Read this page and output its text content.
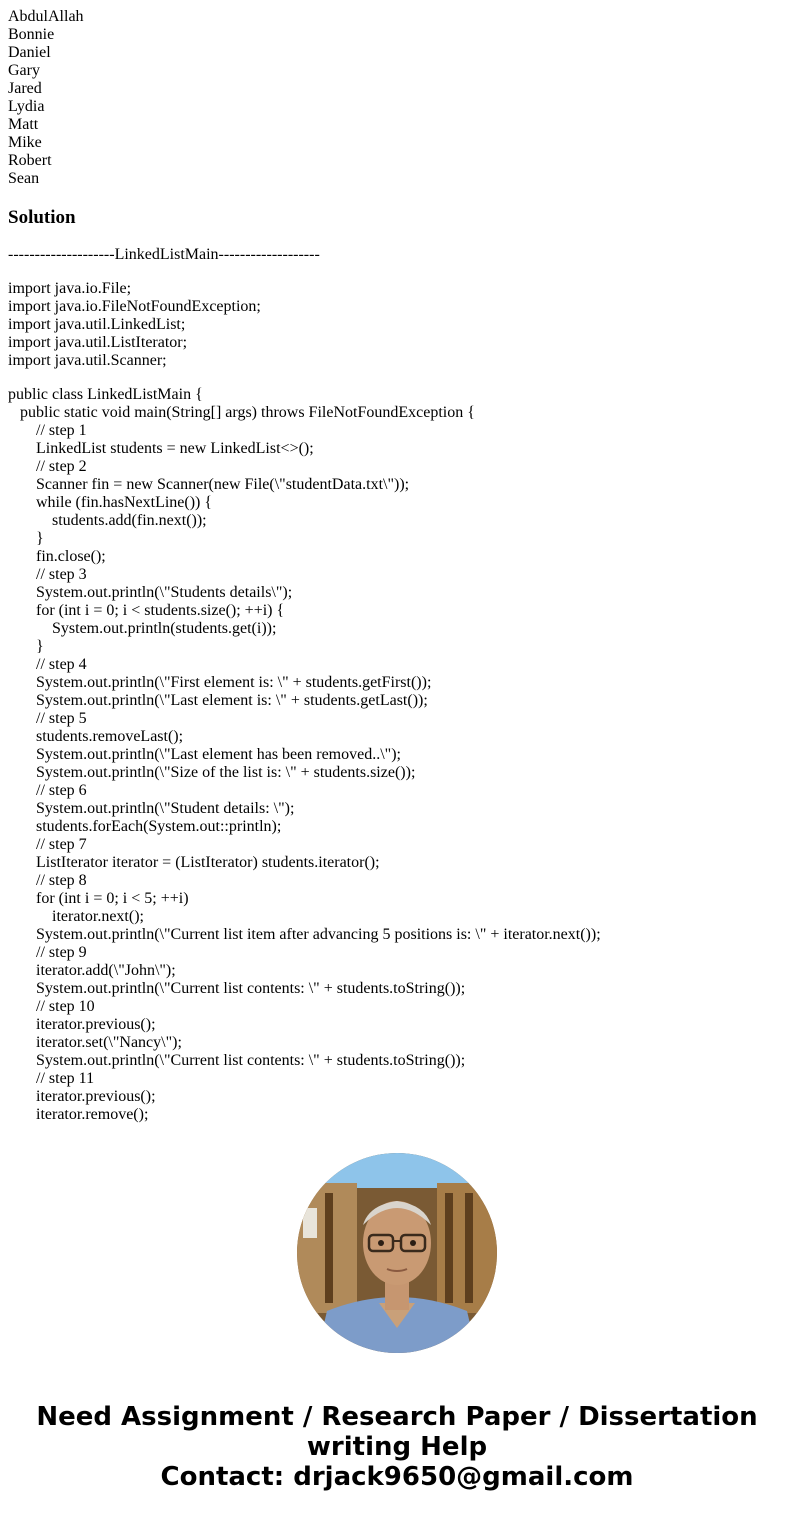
AbdulAllah
Bonnie
Daniel
Gary
Jared
Lydia
Matt
Mike
Robert
Sean
Solution
--------------------LinkedListMain-------------------
import java.io.File;
import java.io.FileNotFoundException;
import java.util.LinkedList;
import java.util.ListIterator;
import java.util.Scanner;
public class LinkedListMain {
public static void main(String[] args) throws FileNotFoundException {
// step 1
LinkedList students = new LinkedList<>();
// step 2
Scanner fin = new Scanner(new File(\"studentData.txt\"));
while (fin.hasNextLine()) {
students.add(fin.next());
}
fin.close();
// step 3
System.out.println(\"Students details\");
for (int i = 0; i < students.size(); ++i) {
System.out.println(students.get(i));
}
// step 4
System.out.println(\"First element is: \" + students.getFirst());
System.out.println(\"Last element is: \" + students.getLast());
// step 5
students.removeLast();
System.out.println(\"Last element has been removed..\");
System.out.println(\"Size of the list is: \" + students.size());
// step 6
System.out.println(\"Student details: \");
students.forEach(System.out::println);
// step 7
ListIterator iterator = (ListIterator) students.iterator();
// step 8
for (int i = 0; i < 5; ++i)
iterator.next();
System.out.println(\"Current list item after advancing 5 positions is: \" + iterator.next());
// step 9
iterator.add(\"John\");
System.out.println(\"Current list contents: \" + students.toString());
// step 10
iterator.previous();
iterator.set(\"Nancy\");
System.out.println(\"Current list contents: \" + students.toString());
// step 11
iterator.previous();
iterator.remove();
Need Assignment / Research Paper / Dissertation
writing Help
Contact: drjack9650@gmail.com
